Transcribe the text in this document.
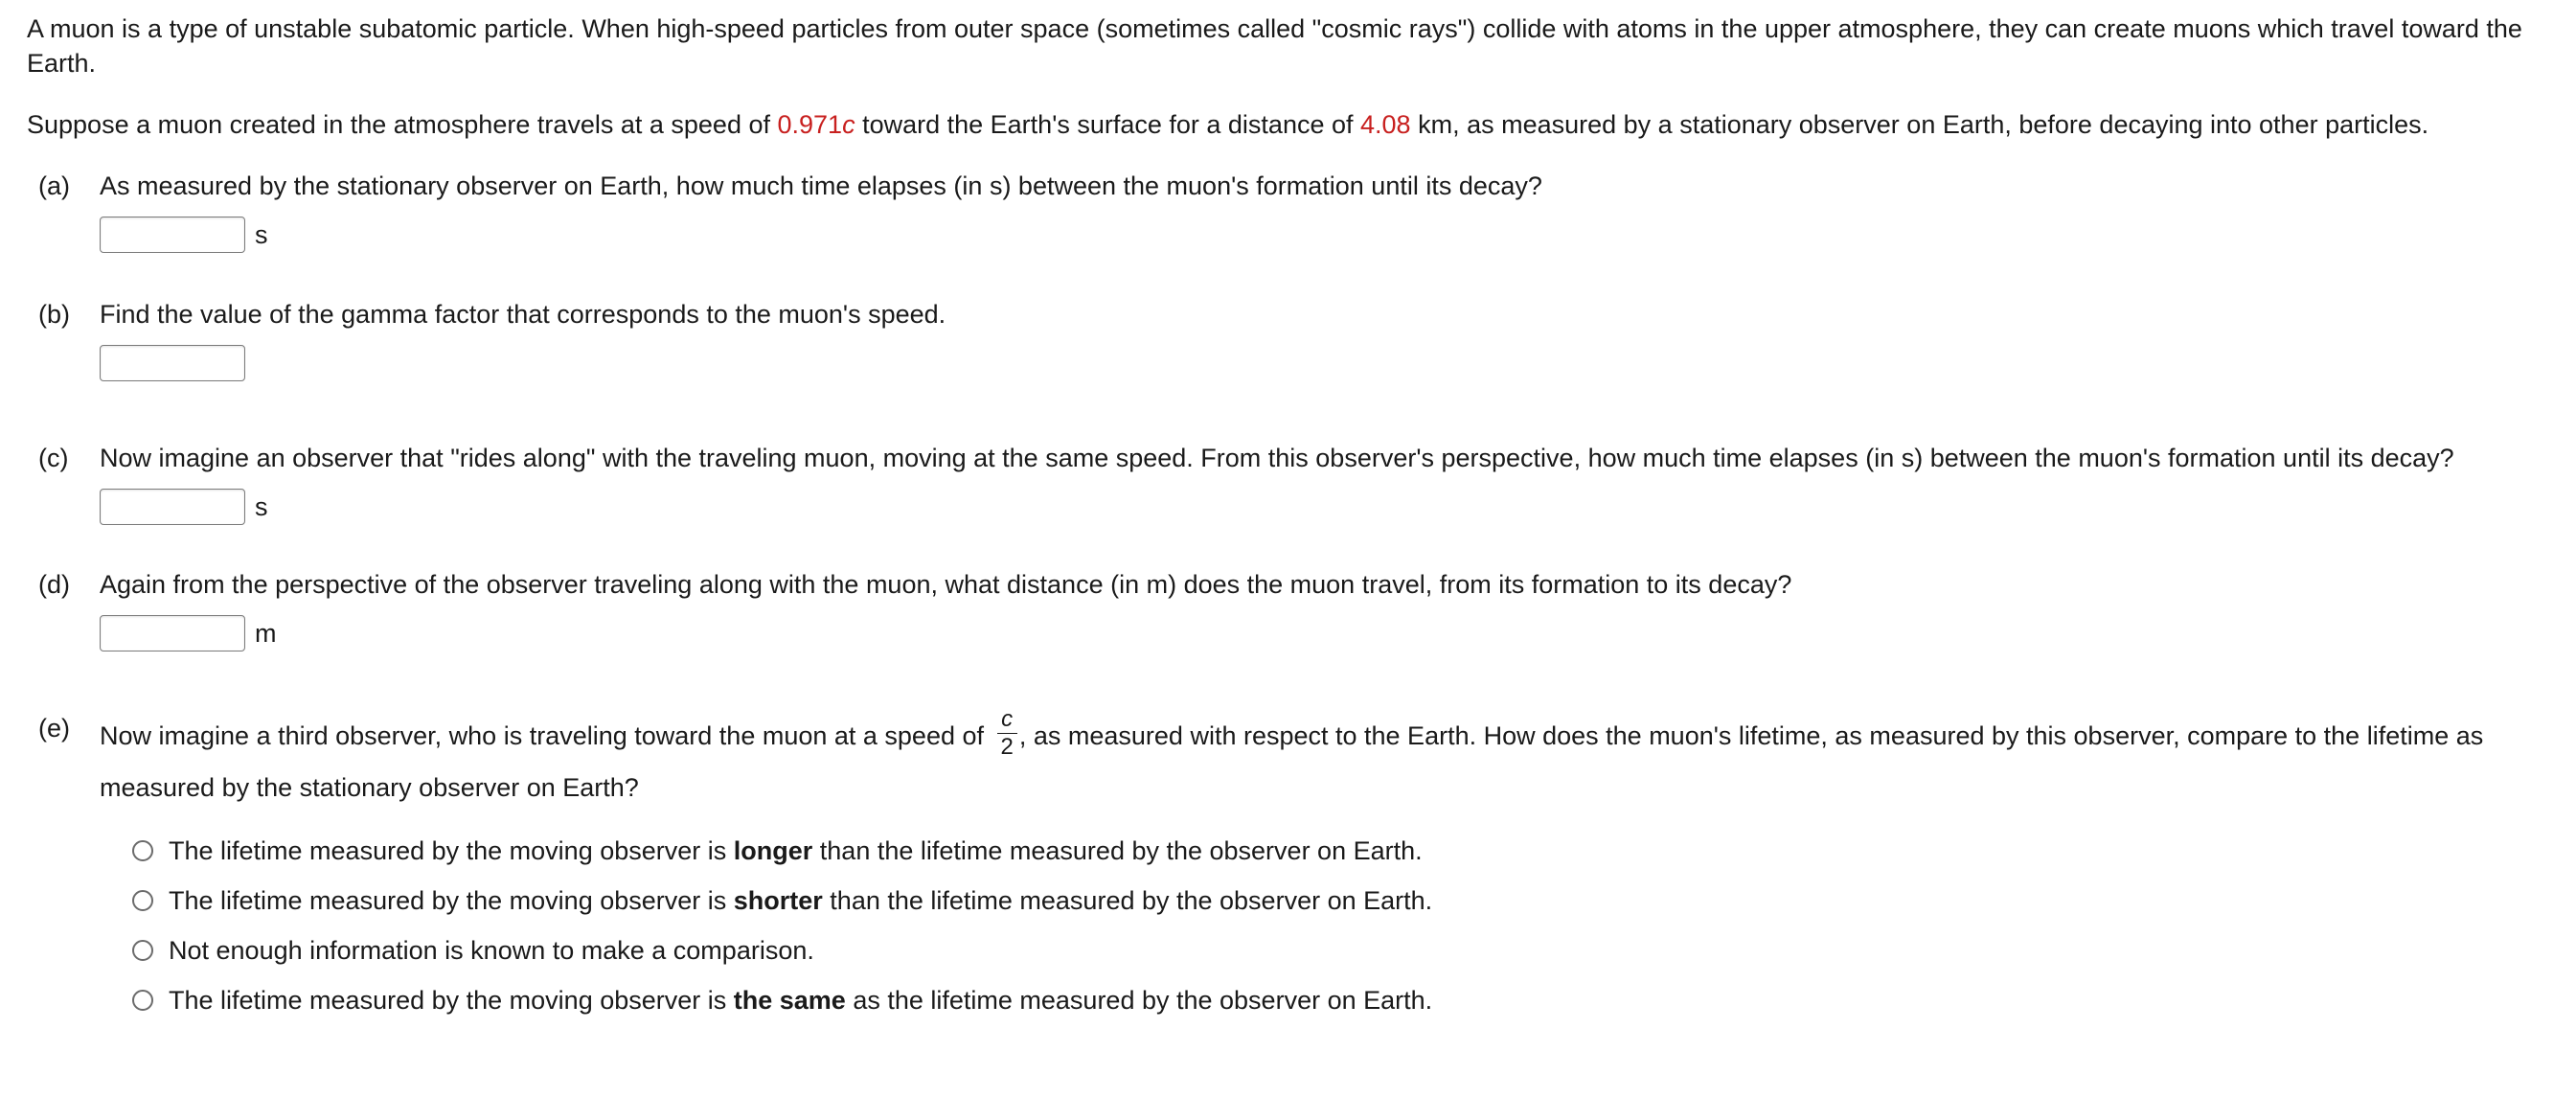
A muon is a type of unstable subatomic particle. When high-speed particles from outer space (sometimes called "cosmic rays") collide with atoms in the upper atmosphere, they can create muons which travel toward the Earth.

Suppose a muon created in the atmosphere travels at a speed of 0.971c toward the Earth's surface for a distance of 4.08 km, as measured by a stationary observer on Earth, before decaying into other particles.

(a)	As measured by the stationary observer on Earth, how much time elapses (in s) between the muon's formation until its decay?
s
(b)	Find the value of the gamma factor that corresponds to the muon's speed.
(c)	Now imagine an observer that "rides along" with the traveling muon, moving at the same speed. From this observer's perspective, how much time elapses (in s) between the muon's formation until its decay?
s
(d)	Again from the perspective of the observer traveling along with the muon, what distance (in m) does the muon travel, from its formation to its decay?
m
(e)	Now imagine a third observer, who is traveling toward the muon at a speed of $\frac{c}{2}$ , as measured with respect to the Earth. How does the muon's lifetime, as measured by this observer, compare to the lifetime as measured by the stationary observer on Earth?
The lifetime measured by the moving observer is longer than the lifetime measured by the observer on Earth.
The lifetime measured by the moving observer is shorter than the lifetime measured by the observer on Earth.
Not enough information is known to make a comparison.
The lifetime measured by the moving observer is the same as the lifetime measured by the observer on Earth.
